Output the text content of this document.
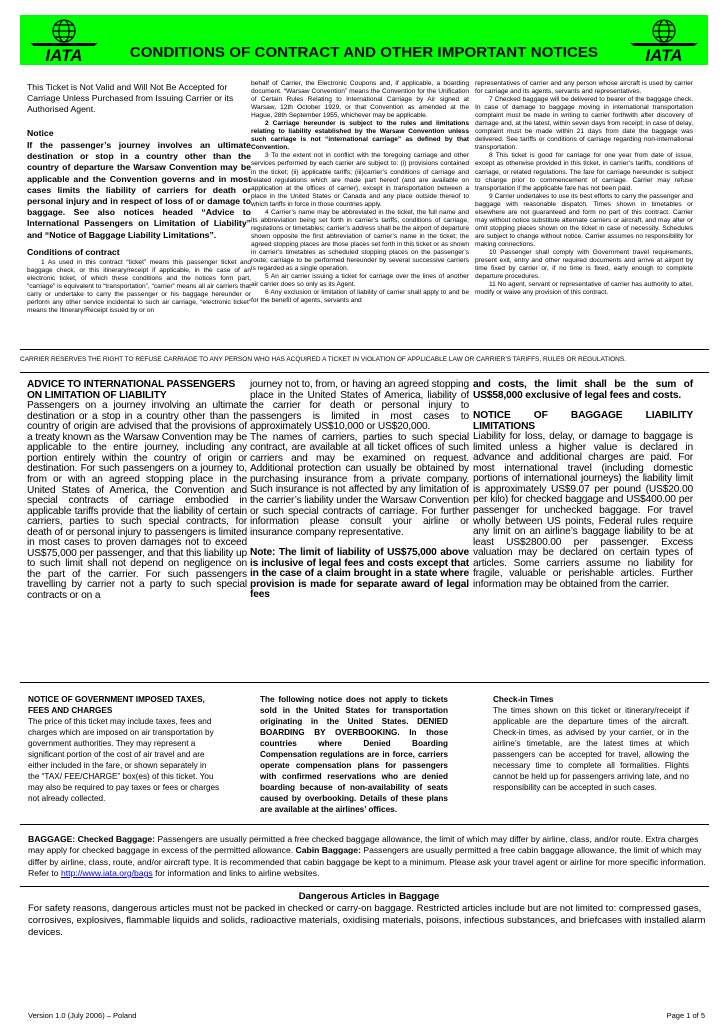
IATA	CONDITIONS OF CONTRACT AND OTHER IMPORTANT NOTICES	IATA

This Ticket is Not Valid and Will Not Be Accepted for Carriage Unless Purchased from Issuing Carrier or its Authorised Agent.

Notice

If the passenger’s journey involves an ultimate destination or stop in a country other than the country of departure the Warsaw Convention may be applicable and the Convention governs and in most cases limits the liability of carriers for death or personal injury and in respect of loss of or damage to baggage. See also notices headed “Advice to International Passengers on Limitation of Liability” and “Notice of Baggage Liability Limitations”.

Conditions of contract

1 As used in this contract “ticket” means this passenger ticket and baggage check, or this itinerary/receipt if applicable, in the case of an electronic ticket, of which these conditions and the notices form part, “carriage” is equivalent to “transportation”, “carrier” means all air carriers that carry or undertake to carry the passenger or his baggage hereunder or perform any other service incidental to such air carriage, “electronic ticket” means the Itinerary/Receipt issued by or on

behalf of Carrier, the Electronic Coupons and, if applicable, a boarding document. “Warsaw Convention” means the Convention for the Unification of Certain Rules Relating to International Carriage by Air signed at Warsaw, 12th October 1929, or that Convention as amended at the Hague, 28th September 1955, whichever may be applicable.

2 Carriage hereunder is subject to the rules and limitations relating to liability established by the Warsaw Convention unless such carriage is not “international carriage” as defined by that Convention.

3 To the extent not in conflict with the foregoing carriage and other services performed by each carrier are subject to: (i) provisions contained in the ticket; (ii) applicable tariffs; (iii)carrier’s conditions of carriage and related regulations which are made part hereof (and are available on application at the offices of carrier), except in transportation between a place in the United States or Canada and any place outside thereof to which tariffs in force in those countries apply.

4 Carrier’s name may be abbreviated in the ticket, the full name and its abbreviation being set forth in carrier’s tariffs, conditions of carriage, regulations or timetables; carrier’s address shall be the airport of departure shown opposite the first abbreviation of carrier’s name in the ticket; the agreed stopping places are those places set forth in this ticket or as shown in carrier’s timetables as scheduled stopping places on the passenger’s route; carriage to be performed hereunder by several successive carriers is regarded as a single operation.

5 An air carrier issuing a ticket for carriage over the lines of another air carrier does so only as its Agent.

6 Any exclusion or limitation of liability of carrier shall apply to and be for the benefit of agents, servants and

representatives of carrier and any person whose aircraft is used by carrier for carriage and its agents, servants and representatives.

7 Checked baggage will be delivered to bearer of the baggage check. In case of damage to baggage moving in international transportation complaint must be made in writing to carrier forthwith after discovery of damage and, at the latest, within seven days from receipt; in case of delay, complaint must be made within 21 days from date the baggage was delivered. See tariffs or conditions of carriage regarding non-international transportation.

8 This ticket is good for carriage for one year from date of issue, except as otherwise provided in this ticket, in carrier’s tariffs, conditions of carriage, or related regulations. The fare for carriage hereunder is subject to change prior to commencement of carriage. Carrier may refuse transportation if the applicable fare has not been paid.

9 Carrier undertakes to use its best efforts to carry the passenger and baggage with reasonable dispatch. Times shown in timetables or elsewhere are not guaranteed and form no part of this contract. Carrier may without notice substitute alternate carriers or aircraft, and may alter or omit stopping places shown on the ticket in case of necessity. Schedules are subject to change without notice. Carrier assumes no responsibility for making connections.

10 Passenger shall comply with Government travel requirements, present exit, entry and other required documents and arrive at airport by time fixed by carrier or, if no time is fixed, early enough to complete departure procedures.

11 No agent, servant or representative of carrier has authority to alter, modify or waive any provision of this contract.

CARRIER RESERVES THE RIGHT TO REFUSE CARRIAGE TO ANY PERSON WHO HAS ACQUIRED A TICKET IN VIOLATION OF APPLICABLE LAW OR CARRIER’S TARIFFS, RULES OR REGULATIONS.

ADVICE TO INTERNATIONAL PASSENGERS ON LIMITATION OF LIABILITY

Passengers on a journey involving an ultimate destination or a stop in a country other than the country of origin are advised that the provisions of a treaty known as the Warsaw Convention may be applicable to the entire journey, including any portion entirely within the country of origin or destination. For such passengers on a journey to, from or with an agreed stopping place in the United States of America, the Convention and special contracts of carriage embodied in applicable tariffs provide that the liability of certain carriers, parties to such special contracts, for death of or personal injury to passengers is limited in most cases to proven damages not to exceed US$75,000 per passenger, and that this liability up to such limit shall not depend on negligence on the part of the carrier. For such passengers travelling by carrier not a party to such special contracts or on a

journey not to, from, or having an agreed stopping place in the United States of America, liability of the carrier for death or personal injury to passengers is limited in most cases to approximately US$10,000 or US$20,000.

The names of carriers, parties to such special contract, are available at all ticket offices of such carriers and may be examined on request. Additional protection can usually be obtained by purchasing insurance from a private company. Such insurance is not affected by any limitation of the carrier’s liability under the Warsaw Convention or such special contracts of carriage. For further information please consult your airline or insurance company representative.

Note: The limit of liability of US$75,000 above is inclusive of legal fees and costs except that in the case of a claim brought in a state where provision is made for separate award of legal fees

and costs, the limit shall be the sum of US$58,000 exclusive of legal fees and costs.

NOTICE OF BAGGAGE LIABILITY LIMITATIONS

Liability for loss, delay, or damage to baggage is limited unless a higher value is declared in advance and additional charges are paid. For most international travel (including domestic portions of international journeys) the liability limit is approximately US$9.07 per pound (US$20.00 per kilo) for checked baggage and US$400.00 per passenger for unchecked baggage. For travel wholly between US points, Federal rules require any limit on an airline’s baggage liability to be at least US$2800.00 per passenger. Excess valuation may be declared on certain types of articles. Some carriers assume no liability for fragile, valuable or perishable articles. Further information may be obtained from the carrier.

NOTICE OF GOVERNMENT IMPOSED TAXES, FEES AND CHARGES

The price of this ticket may include taxes, fees and charges which are imposed on air transportation by government authorities. They may represent a significant portion of the cost of air travel and are either included in the fare, or shown separately in the “TAX/ FEE/CHARGE” box(es) of this ticket. You may also be required to pay taxes or fees or charges not already collected.

The following notice does not apply to tickets sold in the United States for transportation originating in the United States. DENIED BOARDING BY OVERBOOKING. In those countries where Denied Boarding Compensation regulations are in force, carriers operate compensation plans for passengers with confirmed reservations who are denied boarding because of non-availability of seats caused by overbooking. Details of these plans are available at the airlines’ offices.

Check-in Times

The times shown on this ticket or itinerary/receipt if applicable are the departure times of the aircraft. Check-in times, as advised by your carrier, or in the airline’s timetable, are the latest times at which passengers can be accepted for travel, allowing the necessary time to complete all formalities. Flights cannot be held up for passengers arriving late, and no responsibility can be accepted in such cases.

BAGGAGE: Checked Baggage: Passengers are usually permitted a free checked baggage allowance, the limit of which may differ by airline, class, and/or route. Extra charges may apply for checked baggage in excess of the permitted allowance. Cabin Baggage: Passengers are usually permitted a free cabin baggage allowance, the limit of which may differ by airline, class, route, and/or aircraft type. It is recommended that cabin baggage be kept to a minimum. Please ask your travel agent or airline for more specific information. Refer to http://www.iata.org/bags for information and links to airline websites.

Dangerous Articles in Baggage

For safety reasons, dangerous articles must not be packed in checked or carry-on baggage. Restricted articles include but are not limited to: compressed gases, corrosives, explosives, flammable liquids and solids, radioactive materials, oxidising materials, poisons, infectious substances, and briefcases with installed alarm devices.

Version 1.0 (July 2006) – Poland	Page 1 of 5
